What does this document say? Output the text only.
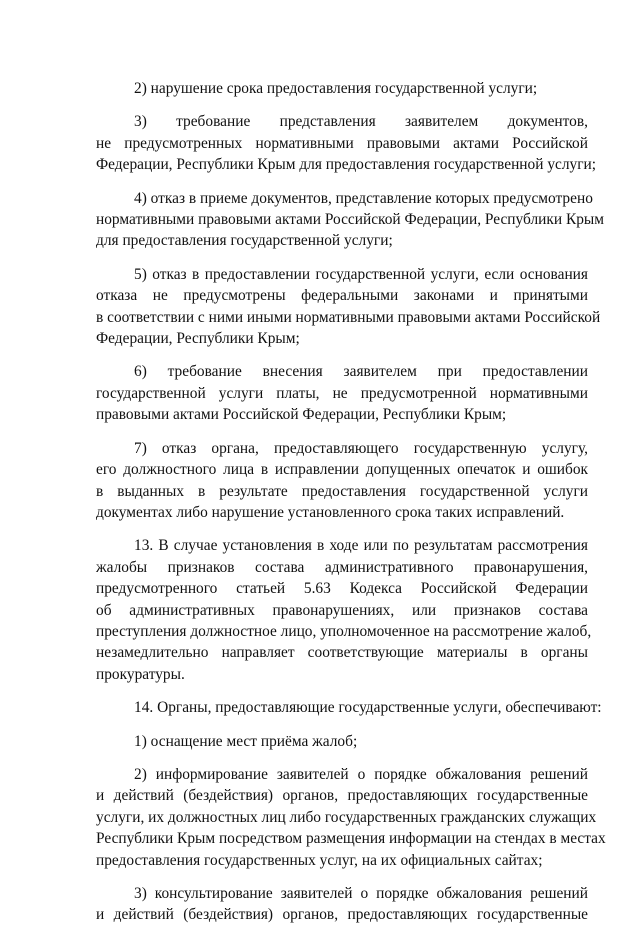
2) нарушение срока предоставления государственной услуги;

3) требование представления заявителем документов,
не предусмотренных нормативными правовыми актами Российской
Федерации, Республики Крым для предоставления государственной услуги;

4) отказ в приеме документов, представление которых предусмотрено
нормативными правовыми актами Российской Федерации, Республики Крым
для предоставления государственной услуги;

5) отказ в предоставлении государственной услуги, если основания
отказа не предусмотрены федеральными законами и принятыми
в соответствии с ними иными нормативными правовыми актами Российской
Федерации, Республики Крым;

6) требование внесения заявителем при предоставлении
государственной услуги платы, не предусмотренной нормативными
правовыми актами Российской Федерации, Республики Крым;

7) отказ органа, предоставляющего государственную услугу,
его должностного лица в исправлении допущенных опечаток и ошибок
в выданных в результате предоставления государственной услуги
документах либо нарушение установленного срока таких исправлений.

13. В случае установления в ходе или по результатам рассмотрения
жалобы признаков состава административного правонарушения,
предусмотренного статьей 5.63 Кодекса Российской Федерации
об административных правонарушениях, или признаков состава
преступления должностное лицо, уполномоченное на рассмотрение жалоб,
незамедлительно направляет соответствующие материалы в органы
прокуратуры.

14. Органы, предоставляющие государственные услуги, обеспечивают:

1) оснащение мест приёма жалоб;

2) информирование заявителей о порядке обжалования решений
и действий (бездействия) органов, предоставляющих государственные
услуги, их должностных лиц либо государственных гражданских служащих
Республики Крым посредством размещения информации на стендах в местах
предоставления государственных услуг, на их официальных сайтах;

3) консультирование заявителей о порядке обжалования решений
и действий (бездействия) органов, предоставляющих государственные
